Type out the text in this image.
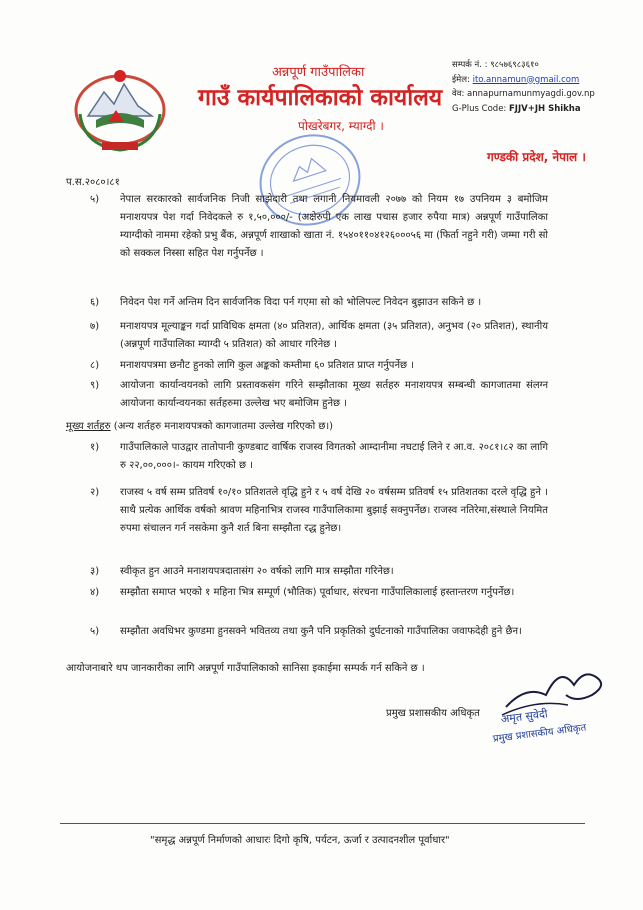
अन्नपूर्ण गाउँपालिका
गाउँ कार्यपालिकाको कार्यालय
पोखरेबगर, म्याग्दी ।
सम्पर्क नं. : ९८५७६९८३६१०
ईमेल: ito.annamun@gmail.com
वेव: annapurnamunmyagdi.gov.np
G-Plus Code: FJJV+JH Shikha
गण्डकी प्रदेश, नेपाल ।
प.स.२०८०।८१
५) नेपाल सरकारको सार्वजनिक निजी साझेदारी तथा लगानी नियमावली २०७७ को नियम १७ उपनियम ३ बमोजिम मनाशयपत्र पेश गर्दा निवेदकले रु १,५०,०००/- (अक्षेरुपी एक लाख पचास हजार रुपैया मात्र) अन्नपूर्ण गाउँपालिका म्याग्दीको नाममा रहेको प्रभु बैंक, अन्नपूर्ण शाखाको खाता नं. १५४०११०४१२६०००५६ मा (फिर्ता नहुने गरी) जम्मा गरी सो को सक्कल निस्सा सहित पेश गर्नुपर्नेछ ।
६) निवेदन पेश गर्ने अन्तिम दिन सार्वजनिक विदा पर्न गएमा सो को भोलिपल्ट निवेदन बुझाउन सकिने छ ।
७) मनाशयपत्र मूल्याङ्कन गर्दा प्राविधिक क्षमता (४० प्रतिशत), आर्थिक क्षमता (३५ प्रतिशत), अनुभव (२० प्रतिशत), स्थानीय (अन्नपूर्ण गाउँपालिका म्याग्दी ५ प्रतिशत) को आधार गरिनेछ ।
८) मनाशयपत्रमा छनौट हुनको लागि कुल अङ्कको कम्तीमा ६० प्रतिशत प्राप्त गर्नुपर्नेछ ।
९) आयोजना कार्यान्वयनको लागि प्रस्तावकसंग गरिने सम्झौताका मूख्य सर्तहरु मनाशयपत्र सम्बन्धी कागजातमा संलग्न आयोजना कार्यान्वयनका सर्तहरुमा उल्लेख भए बमोजिम हुनेछ ।
मूख्य शर्तहरु (अन्य शर्तहरु मनाशयपत्रको कागजातमा उल्लेख गरिएको छ।)
१) गाउँपालिकाले पाउद्वार तातोपानी कुण्डबाट वार्षिक राजस्व विगतको आम्दानीमा नघटाई लिने र आ.व. २०८१।८२ का लागि रु २२,००,०००।- कायम गरिएको छ ।
२) राजस्व ५ वर्ष सम्म प्रतिवर्ष १०/१० प्रतिशतले वृद्धि हुने र ५ वर्ष देखि २० वर्षसम्म प्रतिवर्ष १५ प्रतिशतका दरले वृद्धि हुने ।साथै प्रत्येक आर्थिक वर्षको श्रावण महिनाभित्र राजस्व गाउँपालिकामा बुझाई सक्नुपर्नेछ। राजस्व नतिरेमा,संस्थाले नियमित रुपमा संचालन गर्न नसकेमा कुनै शर्त बिना सम्झौता रद्ध हुनेछ।
३) स्वीकृत हुन आउने मनाशयपत्रदातासंग २० वर्षको लागि मात्र सम्झौता गरिनेछ।
४) सम्झौता समाप्त भएको १ महिना भित्र सम्पूर्ण (भौतिक) पूर्वाधार, संरचना गाउँपालिकालाई हस्तान्तरण गर्नुपर्नेछ।
५) सम्झौता अवधिभर कुण्डमा हुनसक्ने भवितव्य तथा कुनै पनि प्रकृतिको दुर्घटनाको गाउँपालिका जवाफदेही हुने छैन।
आयोजनाबारे थप जानकारीका लागि अन्नपूर्ण गाउँपालिकाको सानिसा इकाईमा सम्पर्क गर्न सकिने छ ।
प्रमुख प्रशासकीय अधिकृत अमृत सुवेदी
प्रमुख प्रशासकीय अधिकृत
"समृद्ध अन्नपूर्ण निर्माणको आधारः दिगो कृषि, पर्यटन, ऊर्जा र उत्पादनशील पूर्वाधार"
